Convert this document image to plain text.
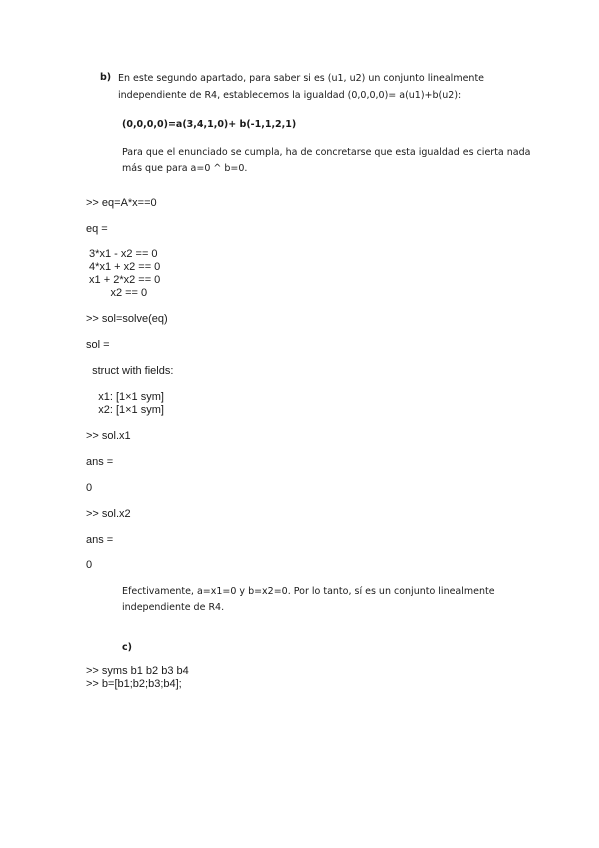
b) En este segundo apartado, para saber si es (u1, u2) un conjunto linealmente
independiente de R4, establecemos la igualdad (0,0,0,0)= a(u1)+b(u2):
(0,0,0,0)=a(3,4,1,0)+ b(-1,1,2,1)
Para que el enunciado se cumpla, ha de concretarse que esta igualdad es cierta nada
más que para a=0 ^ b=0.
>> eq=A*x==0
eq =
3*x1 - x2 == 0
4*x1 + x2 == 0
x1 + 2*x2 == 0
x2 == 0
>> sol=solve(eq)
sol =
struct with fields:
x1: [1×1 sym]
x2: [1×1 sym]
>> sol.x1
ans =
0
>> sol.x2
ans =
0
Efectivamente, a=x1=0 y b=x2=0. Por lo tanto, sí es un conjunto linealmente
independiente de R4.
c)
>> syms b1 b2 b3 b4
>> b=[b1;b2;b3;b4];
